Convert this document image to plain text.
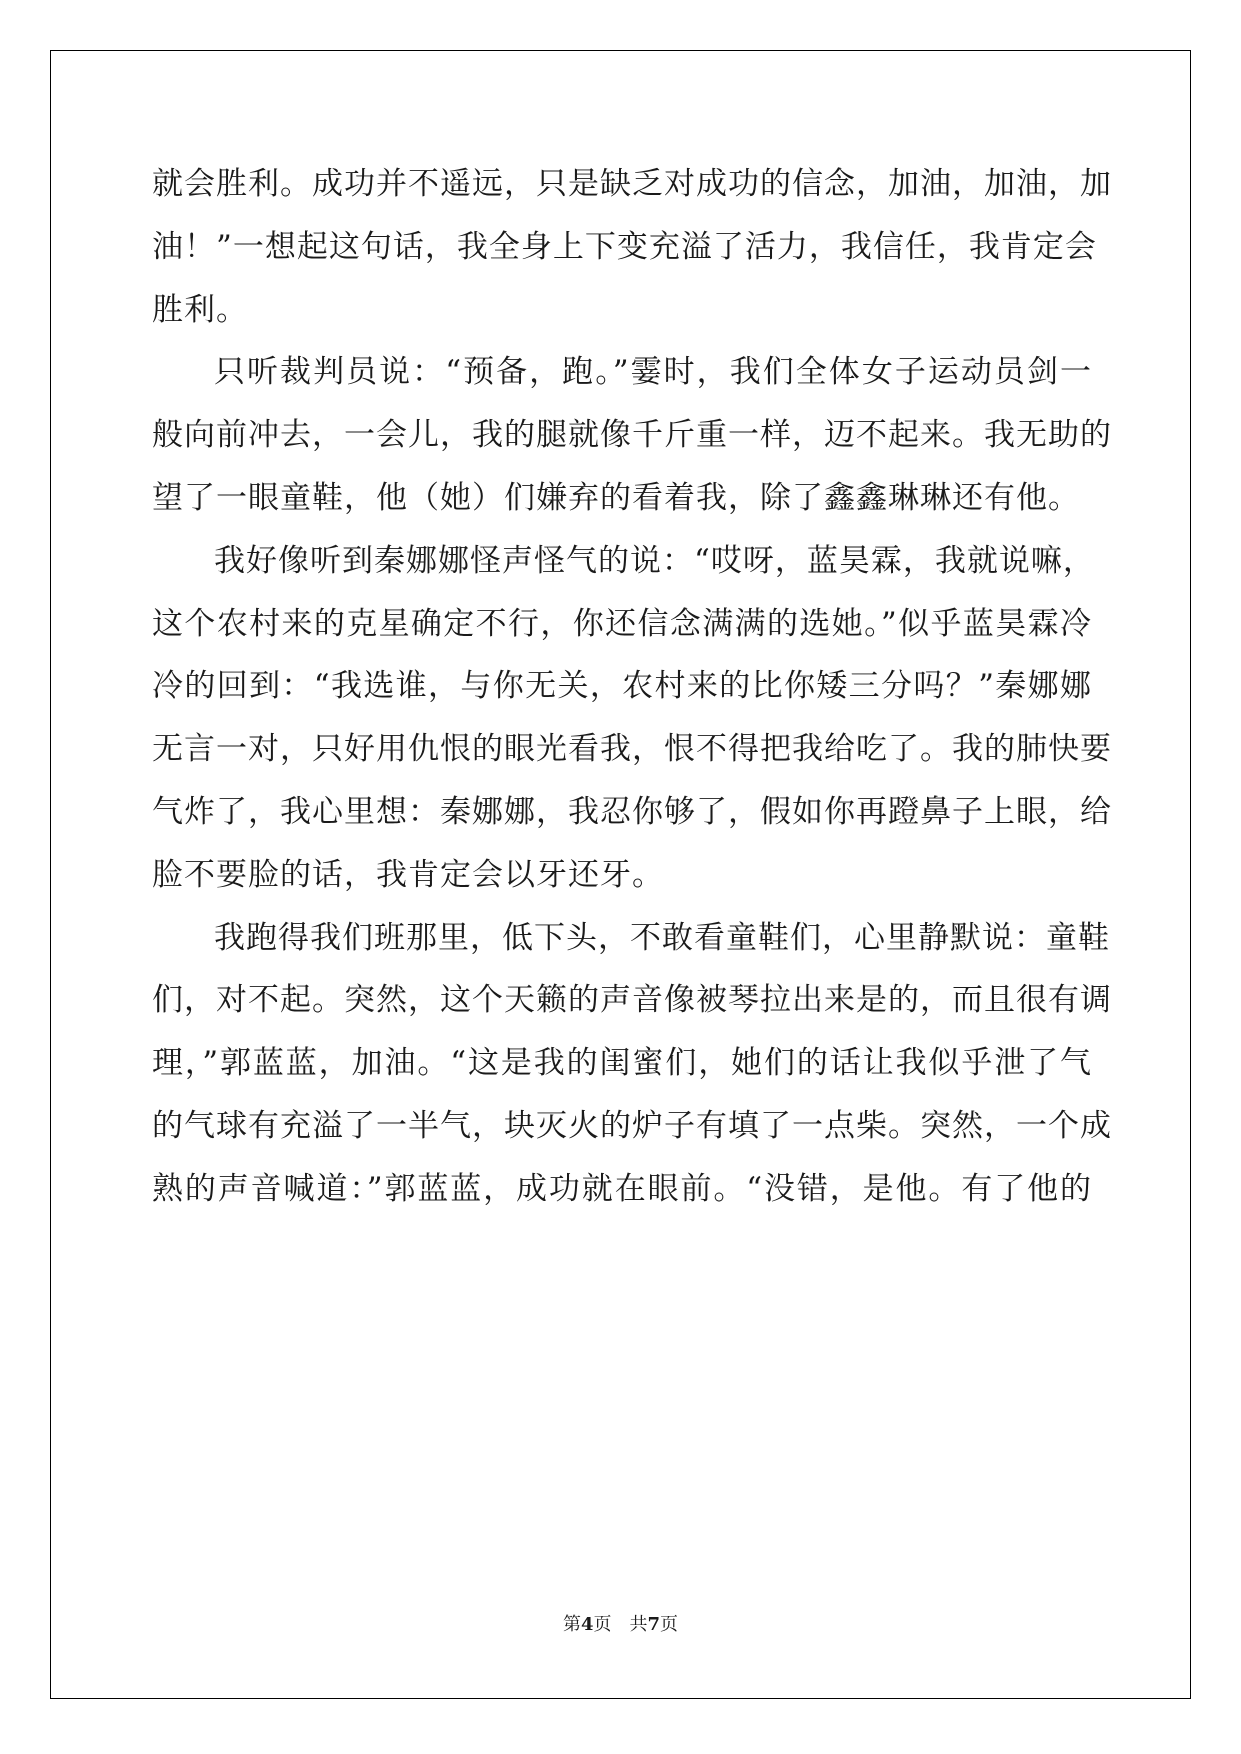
就会胜利。成功并不遥远，只是缺乏对成功的信念，加油，加油，加
油！”一想起这句话，我全身上下变充溢了活力，我信任，我肯定会
胜利。
只听裁判员说：“预备，跑。”霎时，我们全体女子运动员剑一
般向前冲去，一会儿，我的腿就像千斤重一样，迈不起来。我无助的
望了一眼童鞋，他（她）们嫌弃的看着我，除了鑫鑫琳琳还有他。
我好像听到秦娜娜怪声怪气的说：“哎呀，蓝昊霖，我就说嘛，
这个农村来的克星确定不行，你还信念满满的选她。”似乎蓝昊霖冷
冷的回到：“我选谁，与你无关，农村来的比你矮三分吗？”秦娜娜
无言一对，只好用仇恨的眼光看我，恨不得把我给吃了。我的肺快要
气炸了，我心里想：秦娜娜，我忍你够了，假如你再蹬鼻子上眼，给
脸不要脸的话，我肯定会以牙还牙。
我跑得我们班那里，低下头，不敢看童鞋们，心里静默说：童鞋
们，对不起。突然，这个天籁的声音像被琴拉出来是的，而且很有调
理，”郭蓝蓝，加油。“这是我的闺蜜们，她们的话让我似乎泄了气
的气球有充溢了一半气，块灭火的炉子有填了一点柴。突然，一个成
熟的声音喊道：”郭蓝蓝，成功就在眼前。“没错，是他。有了他的
第4页 共7页
